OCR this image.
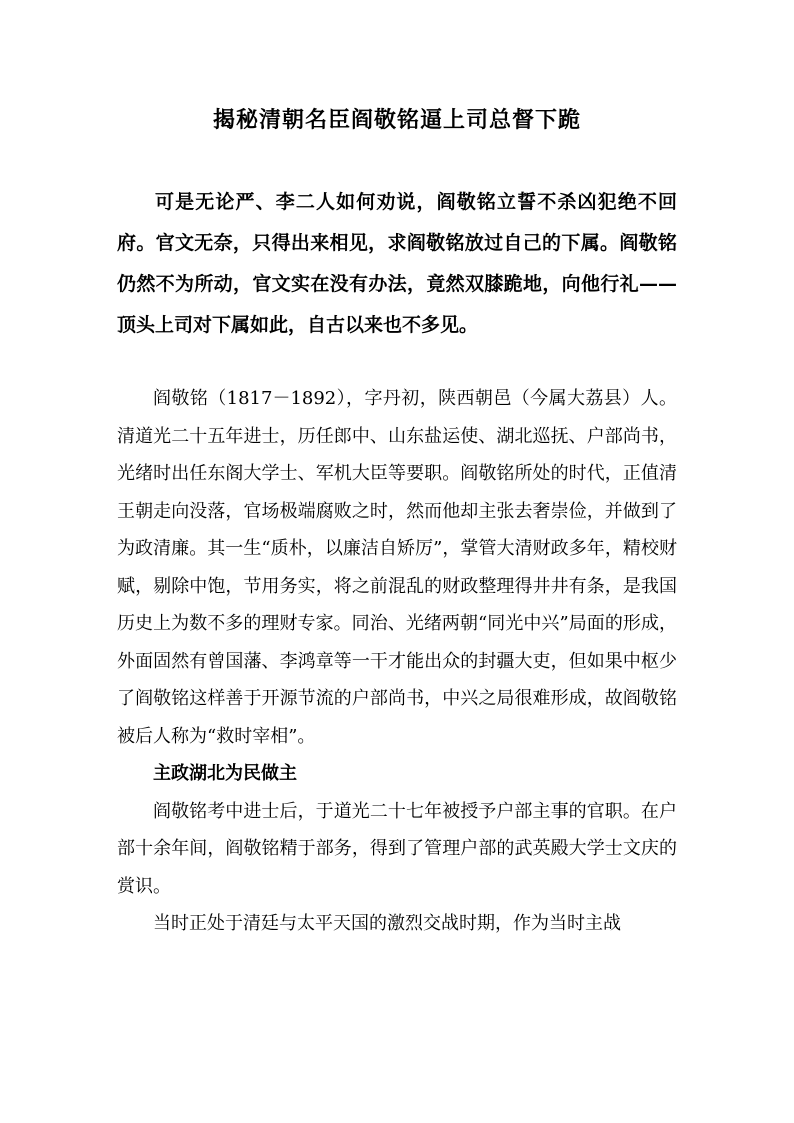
揭秘清朝名臣阎敬铭逼上司总督下跪

可是无论严、李二人如何劝说，阎敬铭立誓不杀凶犯绝不回府。官文无奈，只得出来相见，求阎敬铭放过自己的下属。阎敬铭仍然不为所动，官文实在没有办法，竟然双膝跪地，向他行礼——顶头上司对下属如此，自古以来也不多见。

阎敬铭（1817－1892），字丹初，陕西朝邑（今属大荔县）人。清道光二十五年进士，历任郎中、山东盐运使、湖北巡抚、户部尚书，光绪时出任东阁大学士、军机大臣等要职。阎敬铭所处的时代，正值清王朝走向没落，官场极端腐败之时，然而他却主张去奢崇俭，并做到了为政清廉。其一生“质朴，以廉洁自矫厉”，掌管大清财政多年，精校财赋，剔除中饱，节用务实，将之前混乱的财政整理得井井有条，是我国历史上为数不多的理财专家。同治、光绪两朝“同光中兴”局面的形成，外面固然有曾国藩、李鸿章等一干才能出众的封疆大吏，但如果中枢少了阎敬铭这样善于开源节流的户部尚书，中兴之局很难形成，故阎敬铭被后人称为“救时宰相”。

主政湖北为民做主

阎敬铭考中进士后，于道光二十七年被授予户部主事的官职。在户部十余年间，阎敬铭精于部务，得到了管理户部的武英殿大学士文庆的赏识。

当时正处于清廷与太平天国的激烈交战时期，作为当时主战
